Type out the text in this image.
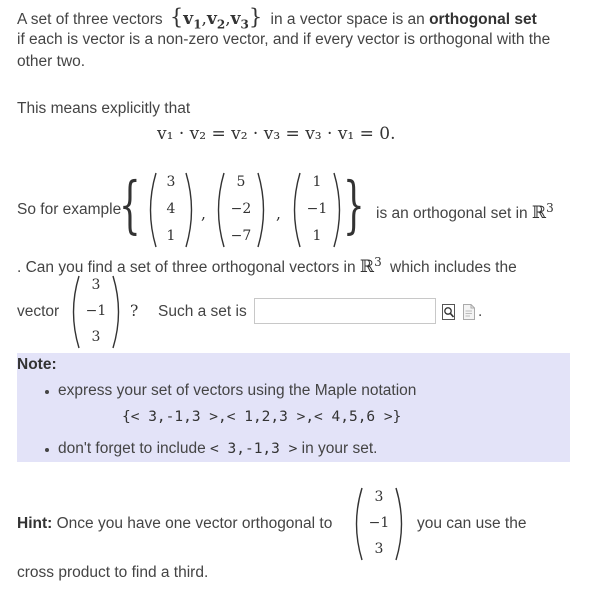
A set of three vectors $\{v_1,v_2,v_3\}$ in a vector space is an orthogonal set
if each is vector is a non-zero vector, and if every vector is orthogonal with the
other two.
This means explicitly that
v₁ · v₂ = v₂ · v₃ = v₃ · v₁ = 0.
So for example
{	3
4
1
,
5
−2
−7
,
1
−1
1 } is an orthogonal set in ℝ$^3$
. Can you find a set of three orthogonal vectors in ℝ$^3$ which includes the
vector
3
−1
3
? Such a set is	.
Note:
express your set of vectors using the Maple notation
{< 3,-1,3 >,< 1,2,3 >,< 4,5,6 >}
don't forget to include < 3,-1,3 > in your set.
Hint: Once you have one vector orthogonal to
3
−1
3
you can use the
cross product to find a third.
